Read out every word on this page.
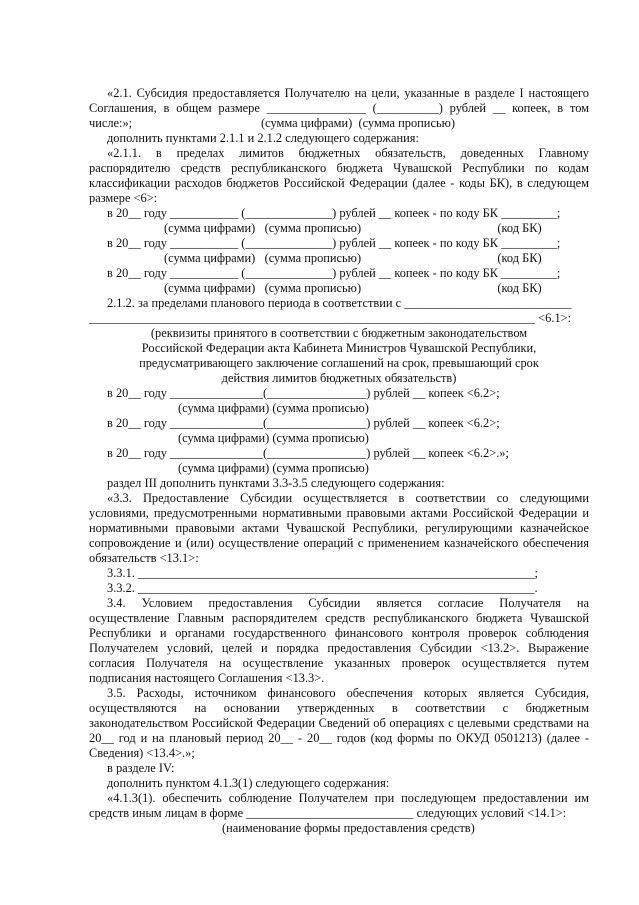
«2.1. Субсидия предоставляется Получателю на цели, указанные в разделе I настоящего
Соглашения, в общем размере ________________ (__________) рублей __ копеек, в том числе:»;	(сумма цифрами)  (сумма прописью)
дополнить пунктами 2.1.1 и 2.1.2 следующего содержания:
«2.1.1. в пределах лимитов бюджетных обязательств, доведенных Главному
распорядителю средств республиканского бюджета Чувашской Республики по кодам
классификации расходов бюджетов Российской Федерации (далее - коды БК), в следующем
размере <6>:
в 20__ году ___________ (______________) рублей __ копеек - по коду БК _________;
(сумма цифрами)   (сумма прописью)                                            (код БК)
в 20__ году ___________ (______________) рублей __ копеек - по коду БК _________;
(сумма цифрами)   (сумма прописью)                                            (код БК)
в 20__ году ___________ (______________) рублей __ копеек - по коду БК _________;
(сумма цифрами)   (сумма прописью)                                            (код БК)
2.1.2. за пределами планового периода в соответствии с ___________________________
________________________________________________________________________ <6.1>:
(реквизиты принятого в соответствии с бюджетным законодательством
Российской Федерации акта Кабинета Министров Чувашской Республики,
предусматривающего заключение соглашений на срок, превышающий срок
действия лимитов бюджетных обязательств)
в 20__ году _______________(________________) рублей __ копеек <6.2>;
(сумма цифрами) (сумма прописью)
в 20__ году _______________(________________) рублей __ копеек <6.2>;
(сумма цифрами) (сумма прописью)
в 20__ году _______________(________________) рублей __ копеек <6.2>.»;
(сумма цифрами) (сумма прописью)
раздел III дополнить пунктами 3.3-3.5 следующего содержания:
«3.3. Предоставление Субсидии осуществляется в соответствии со следующими
условиями, предусмотренными нормативными правовыми актами Российской Федерации и
нормативными правовыми актами Чувашской Республики, регулирующими казначейское
сопровождение и (или) осуществление операций с применением казначейского обеспечения
обязательств <13.1>:
3.3.1. ________________________________________________________________;
3.3.2. ________________________________________________________________.
3.4. Условием предоставления Субсидии является согласие Получателя на
осуществление Главным распорядителем средств республиканского бюджета Чувашской
Республики и органами государственного финансового контроля проверок соблюдения
Получателем условий, целей и порядка предоставления Субсидии <13.2>. Выражение
согласия Получателя на осуществление указанных проверок осуществляется путем
подписания настоящего Соглашения <13.3>.
3.5. Расходы, источником финансового обеспечения которых является Субсидия,
осуществляются на основании утвержденных в соответствии с бюджетным
законодательством Российской Федерации Сведений об операциях с целевыми средствами на
20__ год и на плановый период 20__ - 20__ годов (код формы по ОКУД 0501213) (далее -
Сведения) <13.4>.»;
в разделе IV:
дополнить пунктом 4.1.3(1) следующего содержания:
«4.1.3(1). обеспечить соблюдение Получателем при последующем предоставлении им
средств иным лицам в форме ___________________________ следующих условий <14.1>:
(наименование формы предоставления средств)
